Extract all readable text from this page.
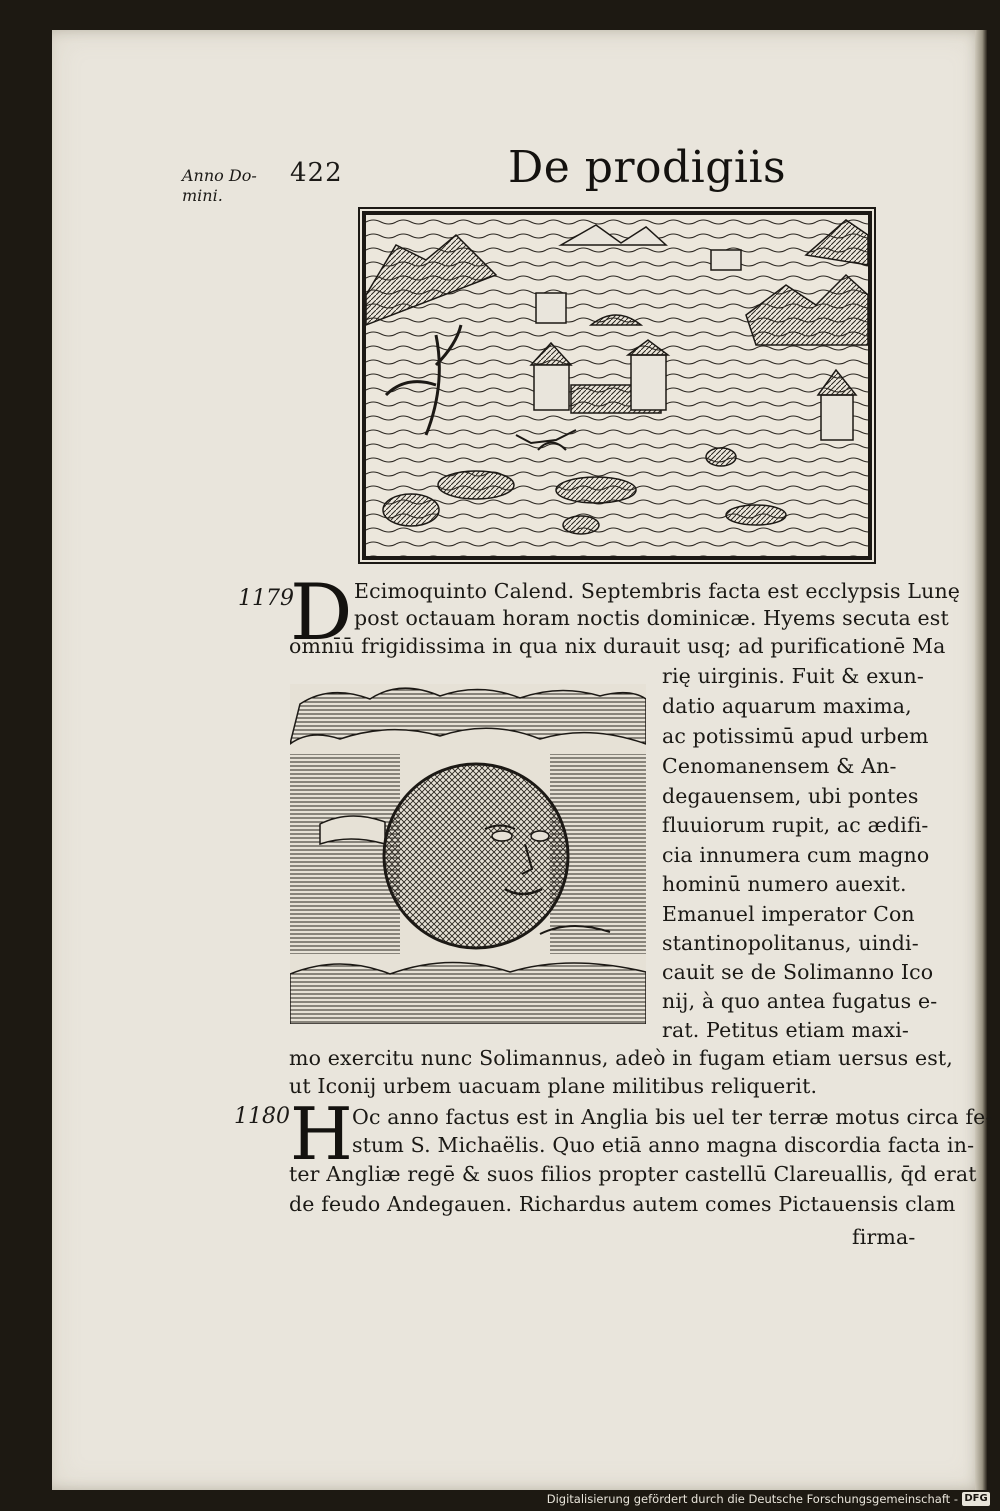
Anno Do-
mini.
422	De prodigiis
1179
D Ecimoquinto Calend. Septembris facta est ecclypsis Lunę
post octauam horam noctis dominicæ. Hyems secuta est
omnīū frigidissima in qua nix durauit usq; ad purificationē Ma
rię uirginis. Fuit & exun-
datio aquarum maxima,
ac potissimū apud urbem
Cenomanensem & An-
degauensem, ubi pontes
fluuiorum rupit, ac ædifi-
cia innumera cum magno
hominū numero auexit.
Emanuel imperator Con
stantinopolitanus, uindi-
cauit se de Solimanno Ico
nij, à quo antea fugatus e-
rat. Petitus etiam maxi-
mo exercitu nunc Solimannus, adeò in fugam etiam uersus est,
ut Iconij urbem uacuam plane militibus reliquerit.
1180 H Oc anno factus est in Anglia bis uel ter terræ motus circa fe-
stum S. Michaëlis. Quo etiā anno magna discordia facta in-
ter Angliæ regē & suos filios propter castellū Clareuallis, q̄d erat
de feudo Andegauen. Richardus autem comes Pictauensis clam
firma-
Digitalisierung gefördert durch die Deutsche Forschungsgemeinschaft - DFG
